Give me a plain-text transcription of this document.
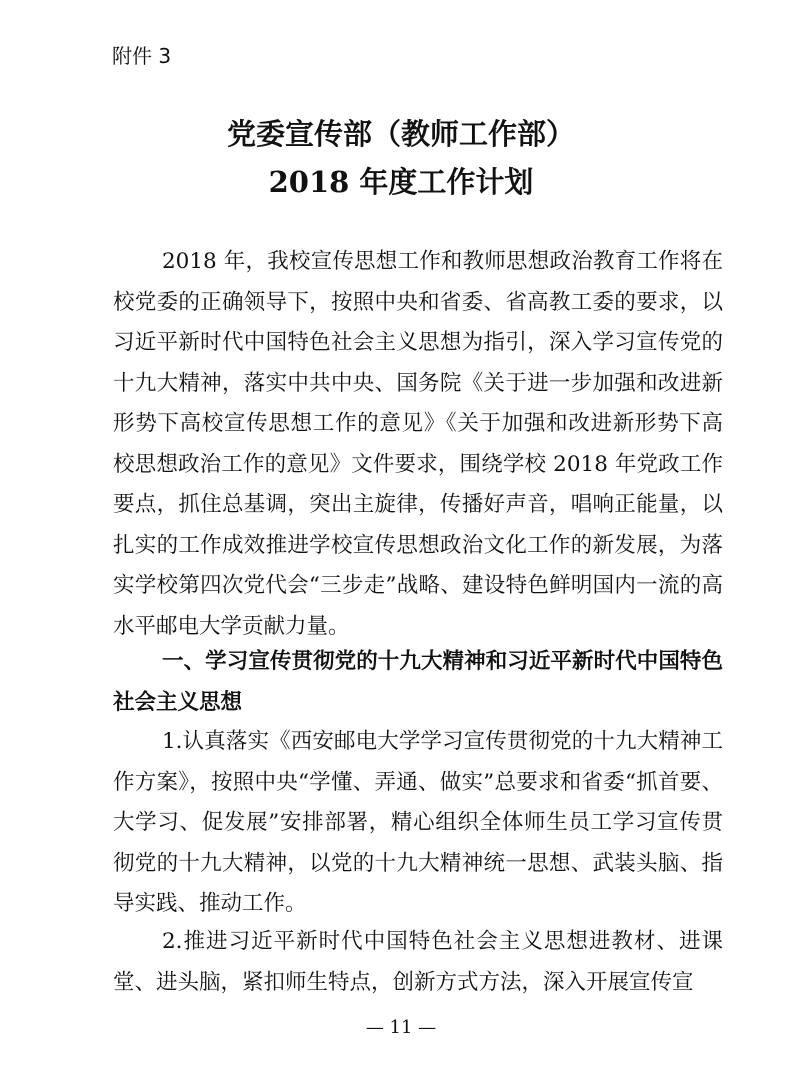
附件 3
党委宣传部（教师工作部）
2018 年度工作计划
2018 年，我校宣传思想工作和教师思想政治教育工作将在校党委的正确领导下，按照中央和省委、省高教工委的要求，以习近平新时代中国特色社会主义思想为指引，深入学习宣传党的十九大精神，落实中共中央、国务院《关于进一步加强和改进新形势下高校宣传思想工作的意见》《关于加强和改进新形势下高校思想政治工作的意见》文件要求，围绕学校 2018 年党政工作要点，抓住总基调，突出主旋律，传播好声音，唱响正能量，以扎实的工作成效推进学校宣传思想政治文化工作的新发展，为落实学校第四次党代会“三步走”战略、建设特色鲜明国内一流的高水平邮电大学贡献力量。
一、学习宣传贯彻党的十九大精神和习近平新时代中国特色社会主义思想
1.认真落实《西安邮电大学学习宣传贯彻党的十九大精神工作方案》，按照中央“学懂、弄通、做实”总要求和省委“抓首要、大学习、促发展”安排部署，精心组织全体师生员工学习宣传贯彻党的十九大精神，以党的十九大精神统一思想、武装头脑、指导实践、推动工作。
2.推进习近平新时代中国特色社会主义思想进教材、进课堂、进头脑，紧扣师生特点，创新方式方法，深入开展宣传宣
— 11 —
